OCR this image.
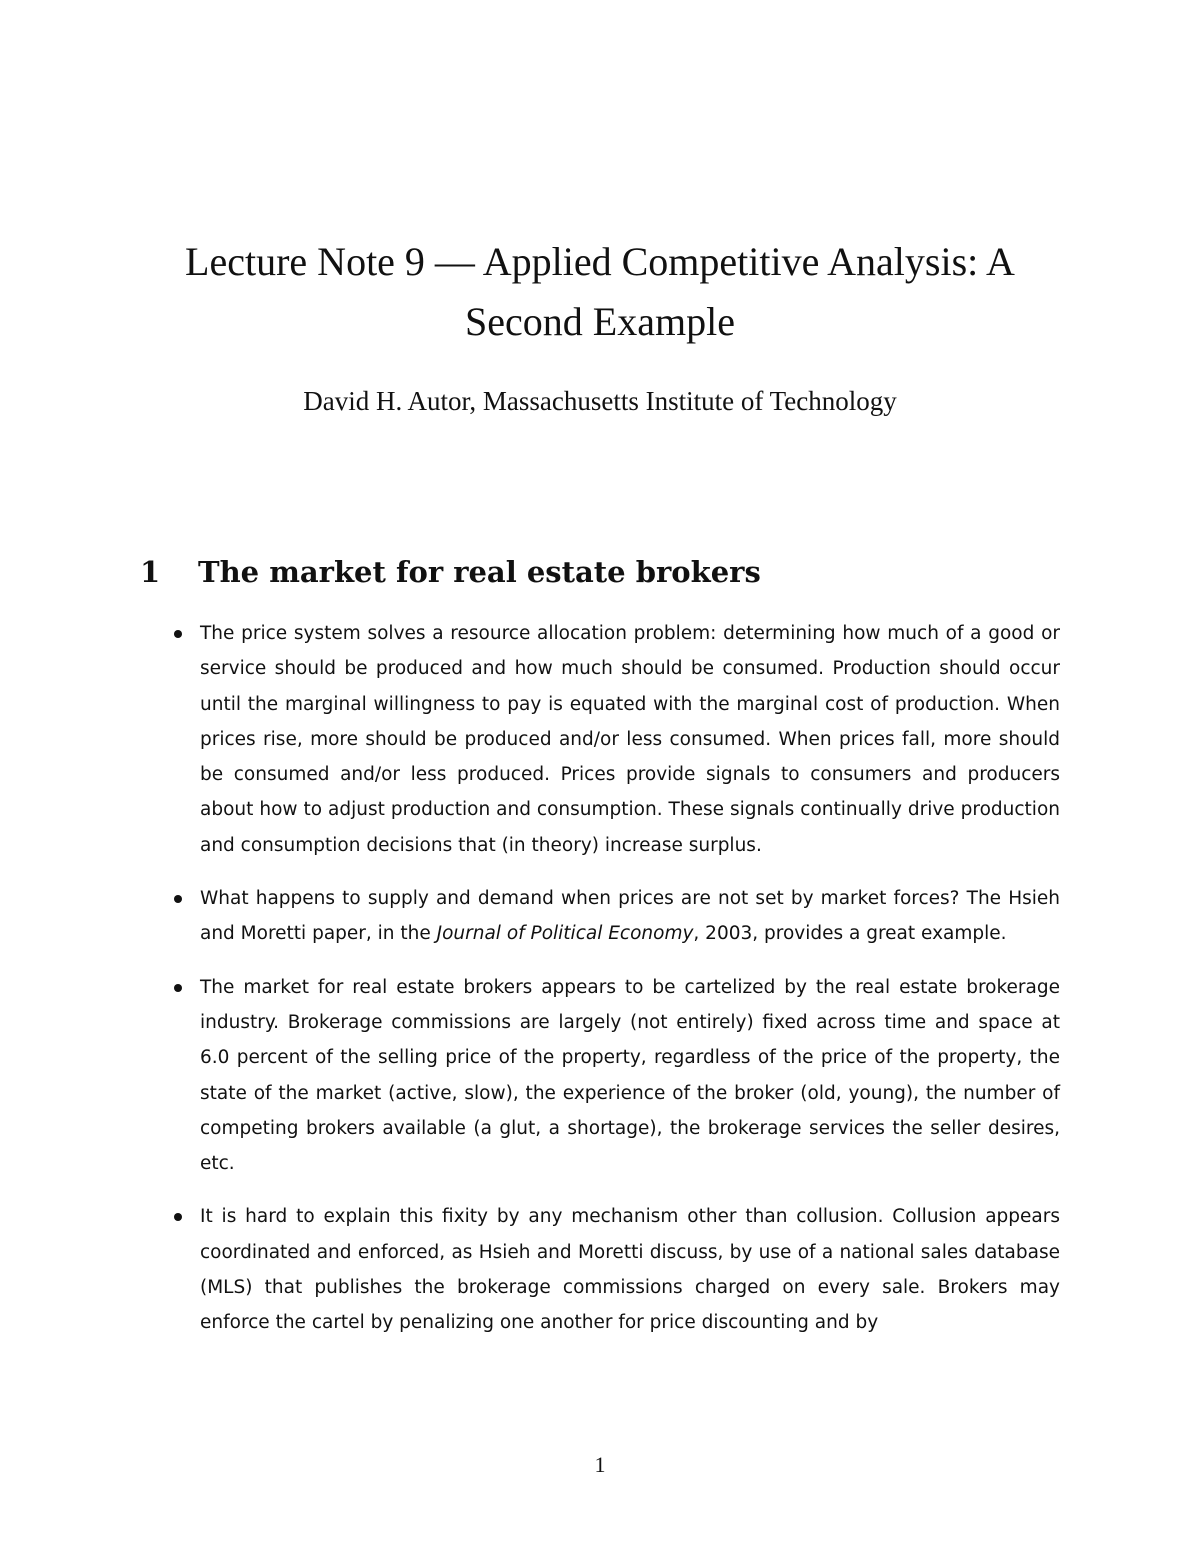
Lecture Note 9 — Applied Competitive Analysis: A Second Example

David H. Autor, Massachusetts Institute of Technology

1 The market for real estate brokers
The price system solves a resource allocation problem: determining how much of a good or service should be produced and how much should be consumed. Production should occur until the marginal willingness to pay is equated with the marginal cost of production. When prices rise, more should be produced and/or less consumed. When prices fall, more should be consumed and/or less produced. Prices provide signals to consumers and producers about how to adjust production and consumption. These signals continually drive production and consumption decisions that (in theory) increase surplus.
What happens to supply and demand when prices are not set by market forces? The Hsieh and Moretti paper, in the Journal of Political Economy, 2003, provides a great example.
The market for real estate brokers appears to be cartelized by the real estate brokerage industry. Brokerage commissions are largely (not entirely) fixed across time and space at 6.0 percent of the selling price of the property, regardless of the price of the property, the state of the market (active, slow), the experience of the broker (old, young), the number of competing brokers available (a glut, a shortage), the brokerage services the seller desires, etc.
It is hard to explain this fixity by any mechanism other than collusion. Collusion appears coordinated and enforced, as Hsieh and Moretti discuss, by use of a national sales database (MLS) that publishes the brokerage commissions charged on every sale. Brokers may enforce the cartel by penalizing one another for price discounting and by

1
